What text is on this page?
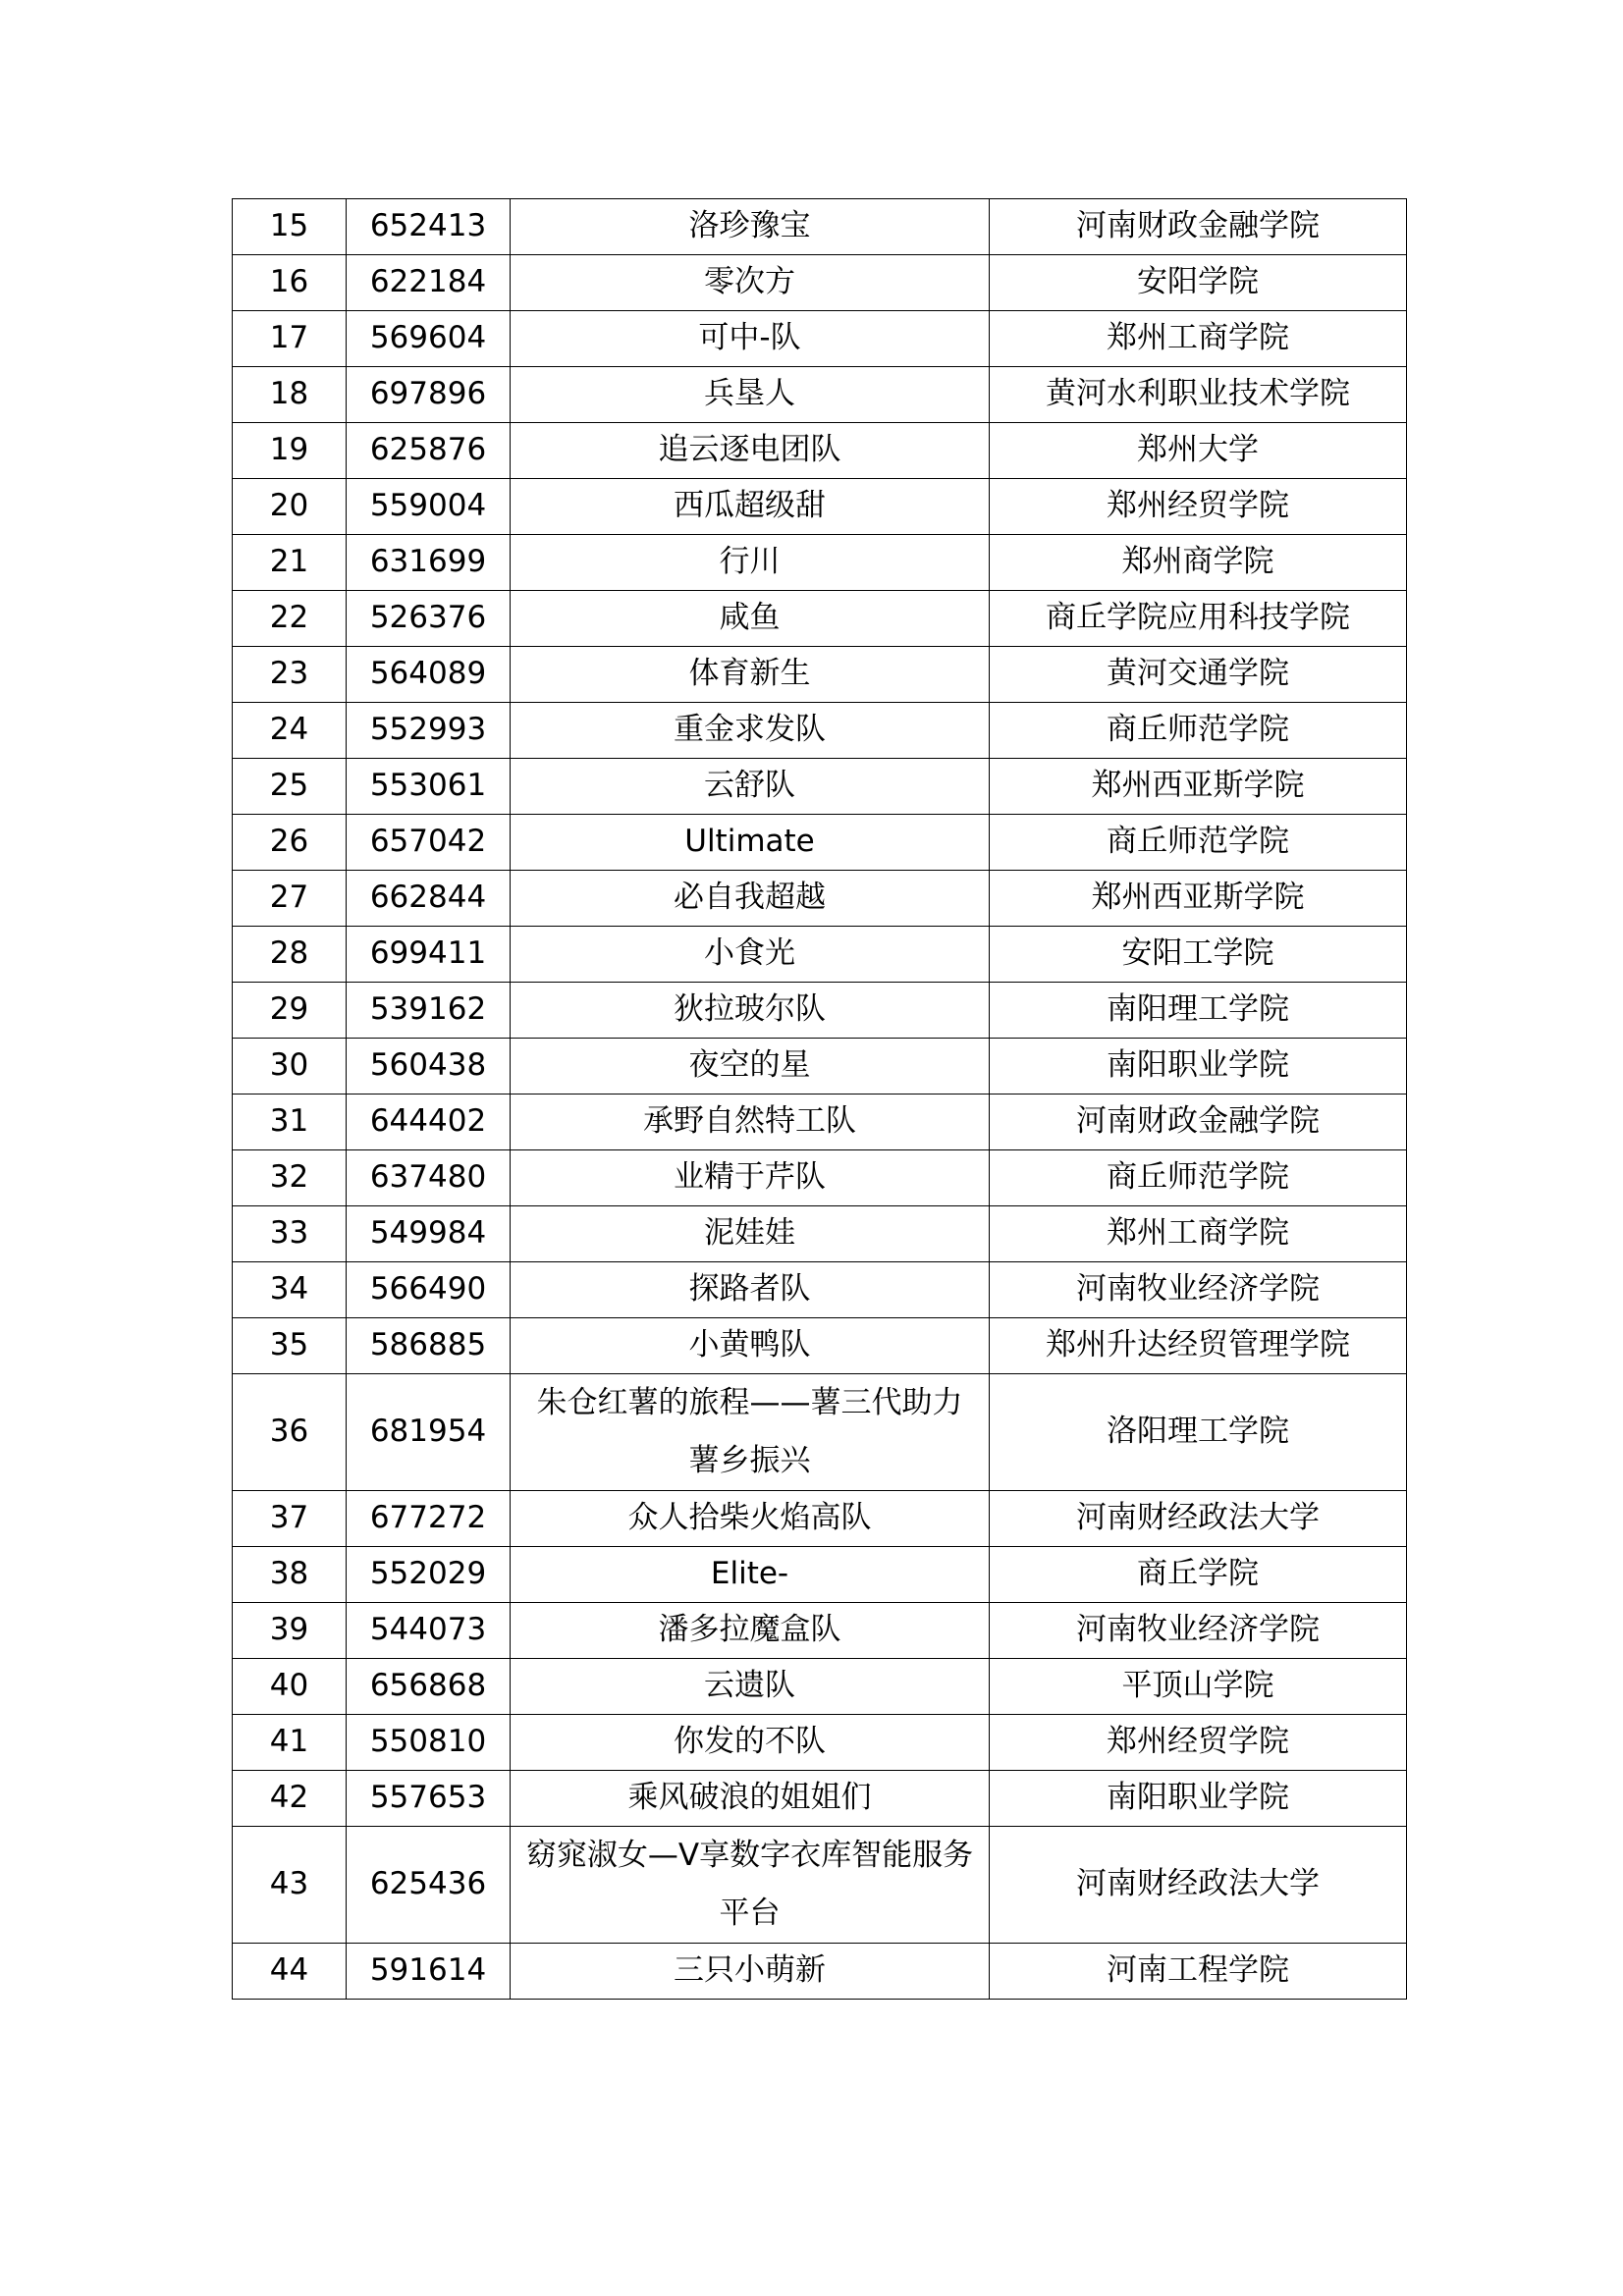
15	652413	洛珍豫宝	河南财政金融学院
16	622184	零次方	安阳学院
17	569604	可中-队	郑州工商学院
18	697896	兵垦人	黄河水利职业技术学院
19	625876	追云逐电团队	郑州大学
20	559004	西瓜超级甜	郑州经贸学院
21	631699	行川	郑州商学院
22	526376	咸鱼	商丘学院应用科技学院
23	564089	体育新生	黄河交通学院
24	552993	重金求发队	商丘师范学院
25	553061	云舒队	郑州西亚斯学院
26	657042	Ultimate	商丘师范学院
27	662844	必自我超越	郑州西亚斯学院
28	699411	小食光	安阳工学院
29	539162	狄拉玻尔队	南阳理工学院
30	560438	夜空的星	南阳职业学院
31	644402	承野自然特工队	河南财政金融学院
32	637480	业精于芹队	商丘师范学院
33	549984	泥娃娃	郑州工商学院
34	566490	探路者队	河南牧业经济学院
35	586885	小黄鸭队	郑州升达经贸管理学院
36	681954	朱仓红薯的旅程——薯三代助力薯乡振兴	洛阳理工学院
37	677272	众人拾柴火焰高队	河南财经政法大学
38	552029	Elite-	商丘学院
39	544073	潘多拉魔盒队	河南牧业经济学院
40	656868	云遗队	平顶山学院
41	550810	你发的不队	郑州经贸学院
42	557653	乘风破浪的姐姐们	南阳职业学院
43	625436	窈窕淑女—V享数字衣库智能服务平台	河南财经政法大学
44	591614	三只小萌新	河南工程学院
